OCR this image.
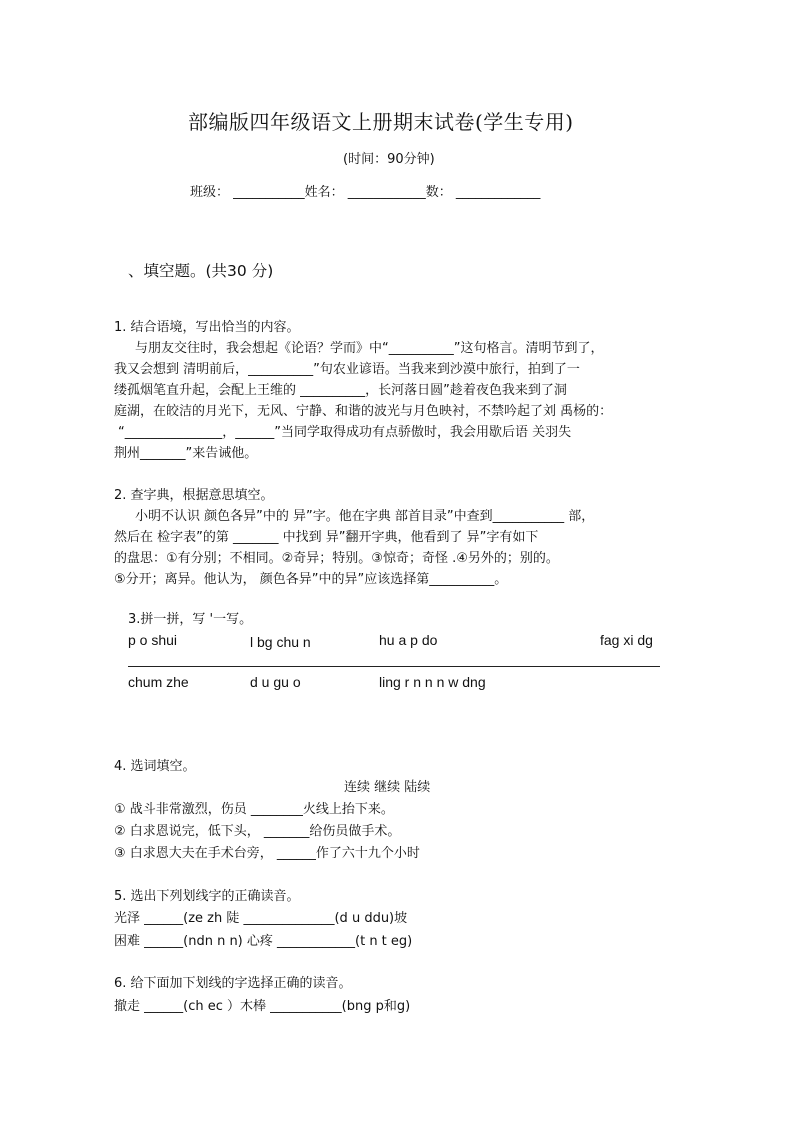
部编版四年级语文上册期末试卷(学生专用)
(时间：90分钟)
班级： ___________姓名： ____________数： _____________
、填空题。(共30 分)
1. 结合语境，写出恰当的内容。
与朋友交往时，我会想起《论语？学而》中“__________”这句格言。清明节到了，
我又会想到 清明前后，__________”句农业谚语。当我来到沙漠中旅行，拍到了一
缕孤烟笔直升起，会配上王维的 __________，长河落日圆”趁着夜色我来到了洞
庭湖，在皎洁的月光下，无风、宁静、和谐的波光与月色映衬，不禁吟起了刘 禹杨的：
“_______________，______”当同学取得成功有点骄傲时，我会用歇后语 关羽失
荆州_______”来告诫他。
2. 查字典，根据意思填空。
小明不认识 颜色各异”中的 异”字。他在字典 部首目录”中查到___________ 部，
然后在 检字表”的第 _______ 中找到 异”翻开字典，他看到了 异”字有如下
的盘思：①有分别；不相同。②奇异；特别。③惊奇；奇怪 .④另外的；别的。
⑤分开；离异。他认为， 颜色各异”中的异”应该选择第__________。
3.拼一拼，写 '一写。
p o shui	l bg chu n	hu a p do	fag xi dg
chum zhe	d u gu o	ling r n n n w dng
4. 选词填空。
连续 继续 陆续
① 战斗非常激烈，伤员 ________火线上抬下来。
② 白求恩说完，低下头， _______给伤员做手术。
③ 白求恩大夫在手术台旁， ______作了六十九个小时
5. 选出下列划线字的正确读音。
光泽 ______(ze zh 陡 ______________(d u ddu)坡
困难 ______(ndn n n) 心疼 ____________(t n t eg)
6. 给下面加下划线的字选择正确的读音。
撤走 ______(ch ec ）木棒 ___________(bng p和g)
